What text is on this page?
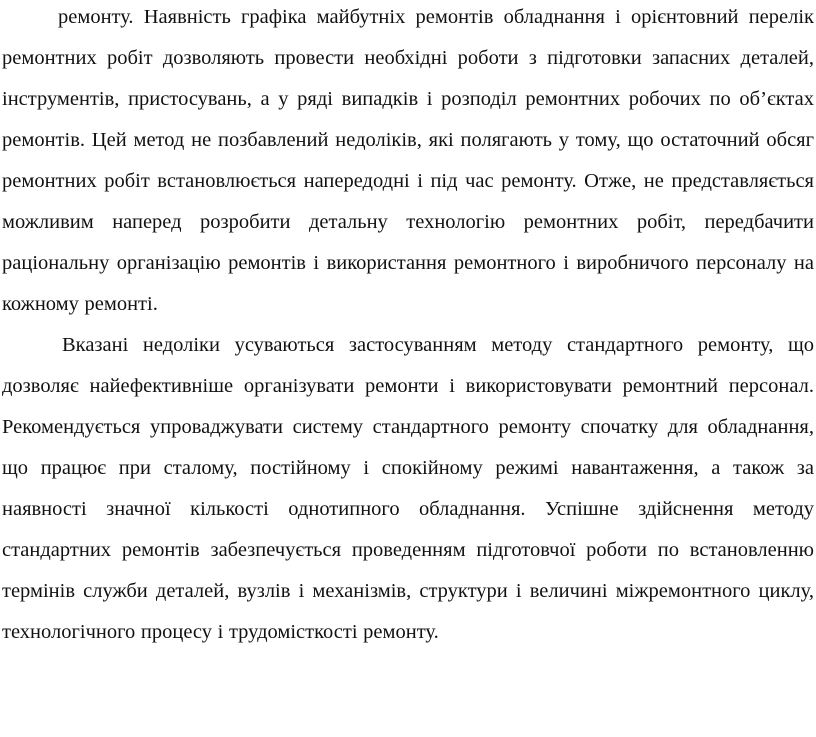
ремонту. Наявність графіка майбутніх ремонтів обладнання і орієнтовний перелік ремонтних робіт дозволяють провести необхідні роботи з підготовки запасних деталей, інструментів, пристосувань, а у ряді випадків і розподіл ремонтних робочих по об’єктах ремонтів. Цей метод не позбавлений недоліків, які полягають у тому, що остаточний обсяг ремонтних робіт встановлюється напередодні і під час ремонту. Отже, не представляється можливим наперед розробити детальну технологію ремонтних робіт, передбачити раціональну організацію ремонтів і використання ремонтного і виробничого персоналу на кожному ремонті.

Вказані недоліки усуваються застосуванням методу стандартного ремонту, що дозволяє найефективніше організувати ремонти і використовувати ремонтний персонал. Рекомендується упроваджувати систему стандартного ремонту спочатку для обладнання, що працює при сталому, постійному і спокійному режимі навантаження, а також за наявності значної кількості однотипного обладнання. Успішне здійснення методу стандартних ремонтів забезпечується проведенням підготовчої роботи по встановленню термінів служби деталей, вузлів і механізмів, структури і величині міжремонтного циклу, технологічного процесу і трудомісткості ремонту.
